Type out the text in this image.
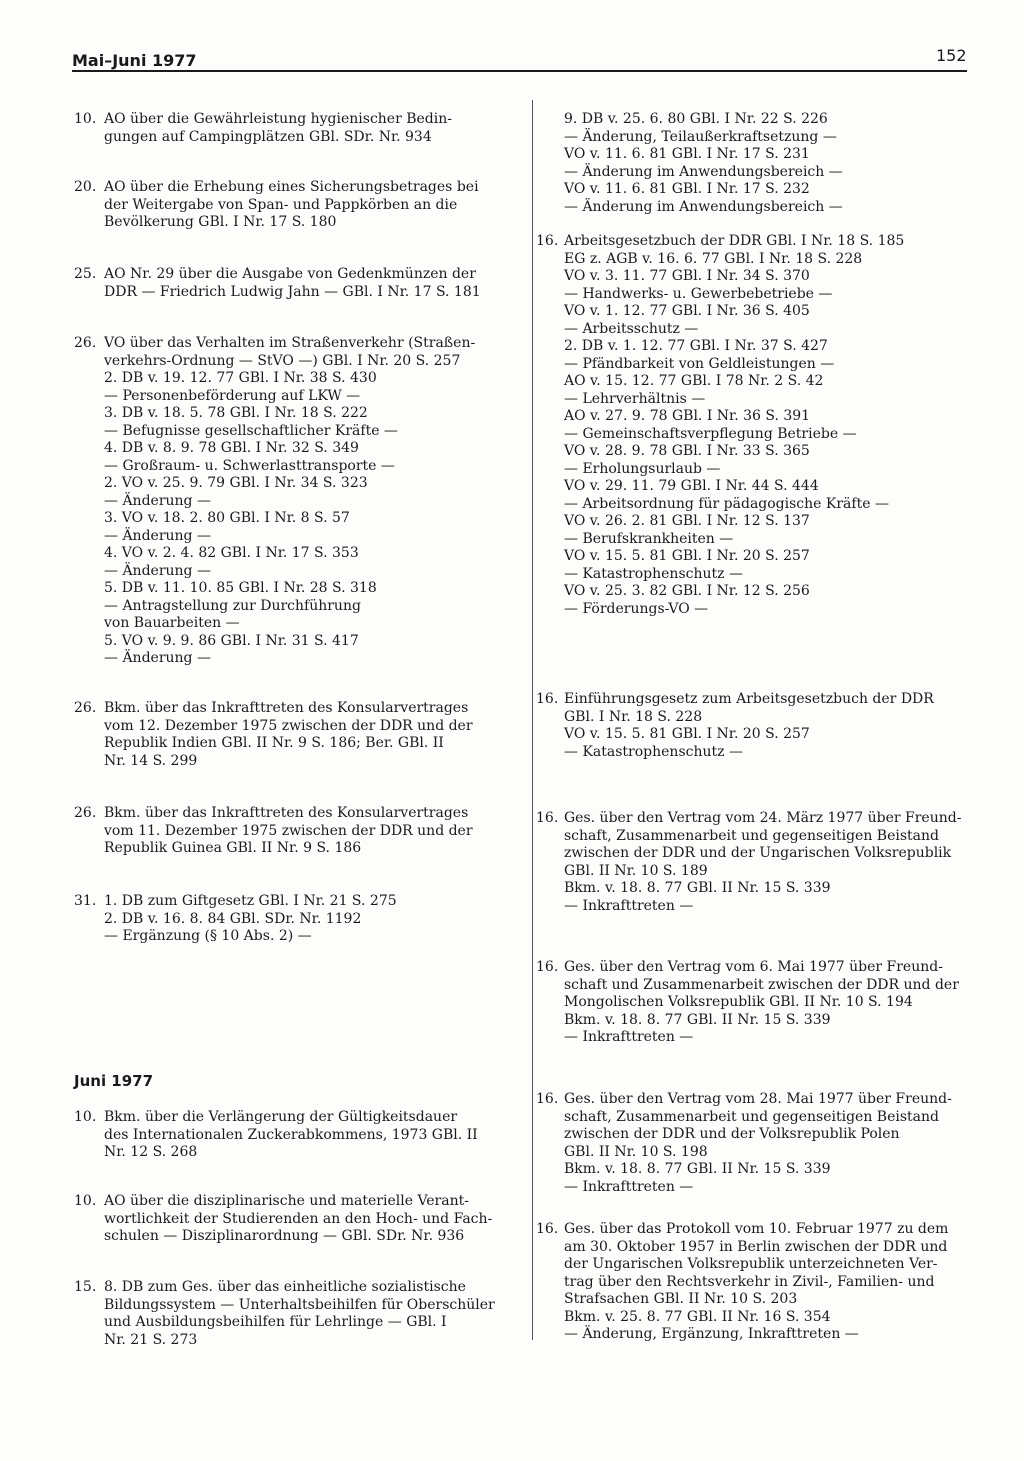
Mai–Juni 1977	152
10. AO über die Gewährleistung hygienischer Bedin-
gungen auf Campingplätzen GBl. SDr. Nr. 934
20. AO über die Erhebung eines Sicherungsbetrages bei
der Weitergabe von Span- und Pappkörben an die
Bevölkerung GBl. I Nr. 17 S. 180
25. AO Nr. 29 über die Ausgabe von Gedenkmünzen der
DDR — Friedrich Ludwig Jahn — GBl. I Nr. 17 S. 181
26. VO über das Verhalten im Straßenverkehr (Straßen-
verkehrs-Ordnung — StVO —) GBl. I Nr. 20 S. 257
2. DB v. 19. 12. 77 GBl. I Nr. 38 S. 430
— Personenbeförderung auf LKW —
3. DB v. 18. 5. 78 GBl. I Nr. 18 S. 222
— Befugnisse gesellschaftlicher Kräfte —
4. DB v. 8. 9. 78 GBl. I Nr. 32 S. 349
— Großraum- u. Schwerlasttransporte —
2. VO v. 25. 9. 79 GBl. I Nr. 34 S. 323
— Änderung —
3. VO v. 18. 2. 80 GBl. I Nr. 8 S. 57
— Änderung —
4. VO v. 2. 4. 82 GBl. I Nr. 17 S. 353
— Änderung —
5. DB v. 11. 10. 85 GBl. I Nr. 28 S. 318
— Antragstellung zur Durchführung
von Bauarbeiten —
5. VO v. 9. 9. 86 GBl. I Nr. 31 S. 417
— Änderung —
26. Bkm. über das Inkrafttreten des Konsularvertrages
vom 12. Dezember 1975 zwischen der DDR und der
Republik Indien GBl. II Nr. 9 S. 186; Ber. GBl. II
Nr. 14 S. 299
26. Bkm. über das Inkrafttreten des Konsularvertrages
vom 11. Dezember 1975 zwischen der DDR und der
Republik Guinea GBl. II Nr. 9 S. 186
31. 1. DB zum Giftgesetz GBl. I Nr. 21 S. 275
2. DB v. 16. 8. 84 GBl. SDr. Nr. 1192
— Ergänzung (§ 10 Abs. 2) —
Juni 1977
10. Bkm. über die Verlängerung der Gültigkeitsdauer
des Internationalen Zuckerabkommens, 1973 GBl. II
Nr. 12 S. 268
10. AO über die disziplinarische und materielle Verant-
wortlichkeit der Studierenden an den Hoch- und Fach-
schulen — Disziplinarordnung — GBl. SDr. Nr. 936
15. 8. DB zum Ges. über das einheitliche sozialistische
Bildungssystem — Unterhaltsbeihilfen für Oberschüler
und Ausbildungsbeihilfen für Lehrlinge — GBl. I
Nr. 21 S. 273
9. DB v. 25. 6. 80 GBl. I Nr. 22 S. 226
— Änderung, Teilaußerkraftsetzung —
VO v. 11. 6. 81 GBl. I Nr. 17 S. 231
— Änderung im Anwendungsbereich —
VO v. 11. 6. 81 GBl. I Nr. 17 S. 232
— Änderung im Anwendungsbereich —
16. Arbeitsgesetzbuch der DDR GBl. I Nr. 18 S. 185
EG z. AGB v. 16. 6. 77 GBl. I Nr. 18 S. 228
VO v. 3. 11. 77 GBl. I Nr. 34 S. 370
— Handwerks- u. Gewerbebetriebe —
VO v. 1. 12. 77 GBl. I Nr. 36 S. 405
— Arbeitsschutz —
2. DB v. 1. 12. 77 GBl. I Nr. 37 S. 427
— Pfändbarkeit von Geldleistungen —
AO v. 15. 12. 77 GBl. I 78 Nr. 2 S. 42
— Lehrverhältnis —
AO v. 27. 9. 78 GBl. I Nr. 36 S. 391
— Gemeinschaftsverpflegung Betriebe —
VO v. 28. 9. 78 GBl. I Nr. 33 S. 365
— Erholungsurlaub —
VO v. 29. 11. 79 GBl. I Nr. 44 S. 444
— Arbeitsordnung für pädagogische Kräfte —
VO v. 26. 2. 81 GBl. I Nr. 12 S. 137
— Berufskrankheiten —
VO v. 15. 5. 81 GBl. I Nr. 20 S. 257
— Katastrophenschutz —
VO v. 25. 3. 82 GBl. I Nr. 12 S. 256
— Förderungs-VO —
16. Einführungsgesetz zum Arbeitsgesetzbuch der DDR
GBl. I Nr. 18 S. 228
VO v. 15. 5. 81 GBl. I Nr. 20 S. 257
— Katastrophenschutz —
16. Ges. über den Vertrag vom 24. März 1977 über Freund-
schaft, Zusammenarbeit und gegenseitigen Beistand
zwischen der DDR und der Ungarischen Volksrepublik
GBl. II Nr. 10 S. 189
Bkm. v. 18. 8. 77 GBl. II Nr. 15 S. 339
— Inkrafttreten —
16. Ges. über den Vertrag vom 6. Mai 1977 über Freund-
schaft und Zusammenarbeit zwischen der DDR und der
Mongolischen Volksrepublik GBl. II Nr. 10 S. 194
Bkm. v. 18. 8. 77 GBl. II Nr. 15 S. 339
— Inkrafttreten —
16. Ges. über den Vertrag vom 28. Mai 1977 über Freund-
schaft, Zusammenarbeit und gegenseitigen Beistand
zwischen der DDR und der Volksrepublik Polen
GBl. II Nr. 10 S. 198
Bkm. v. 18. 8. 77 GBl. II Nr. 15 S. 339
— Inkrafttreten —
16. Ges. über das Protokoll vom 10. Februar 1977 zu dem
am 30. Oktober 1957 in Berlin zwischen der DDR und
der Ungarischen Volksrepublik unterzeichneten Ver-
trag über den Rechtsverkehr in Zivil-, Familien- und
Strafsachen GBl. II Nr. 10 S. 203
Bkm. v. 25. 8. 77 GBl. II Nr. 16 S. 354
— Änderung, Ergänzung, Inkrafttreten —
